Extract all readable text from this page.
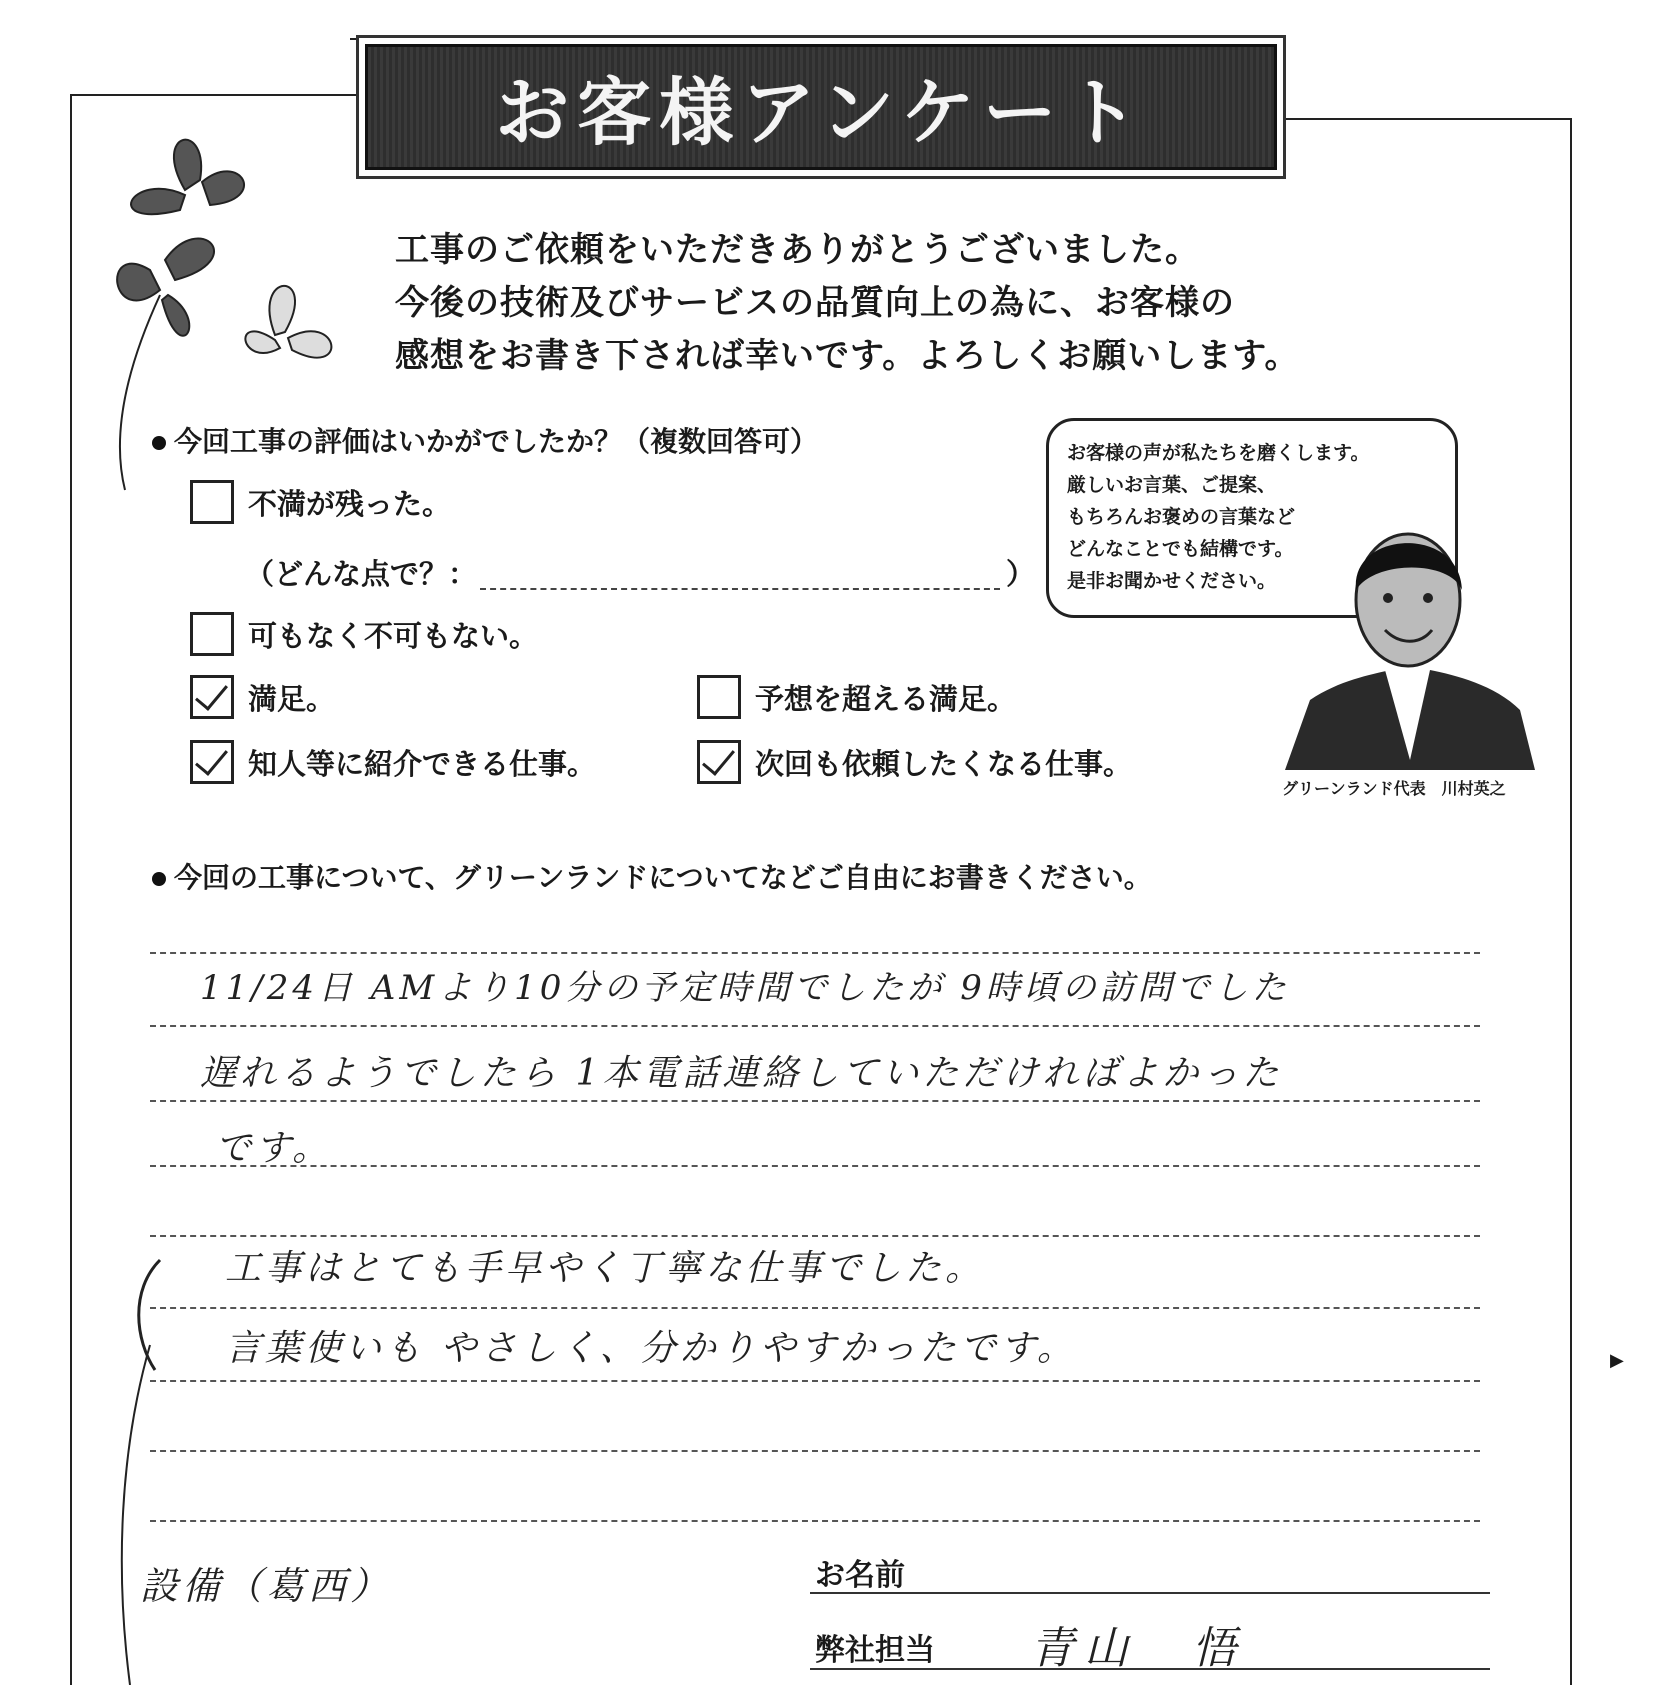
お客様アンケート
工事のご依頼をいただきありがとうございました。
今後の技術及びサービスの品質向上の為に、お客様の
感想をお書き下されば幸いです。よろしくお願いします。
今回工事の評価はいかがでしたか？（複数回答可）
不満が残った。
（どんな点で？：	）
可もなく不可もない。
満足。	予想を超える満足。
知人等に紹介できる仕事。	次回も依頼したくなる仕事。

お客様の声が私たちを磨くします。

厳しいお言葉、ご提案、

もちろんお褒めの言葉など

どんなことでも結構です。

是非お聞かせください。

グリーンランド代表　川村英之
今回の工事について、グリーンランドについてなどご自由にお書きください。
11/24日 AMより10分の予定時間でしたが 9時頃の訪問でした
遅れるようでしたら 1本電話連絡していただければよかった
です。
工事はとても手早やく丁寧な仕事でした。
言葉使いも やさしく、分かりやすかったです。	▶
設備（葛西）	お名前
弊社担当 青山　悟
